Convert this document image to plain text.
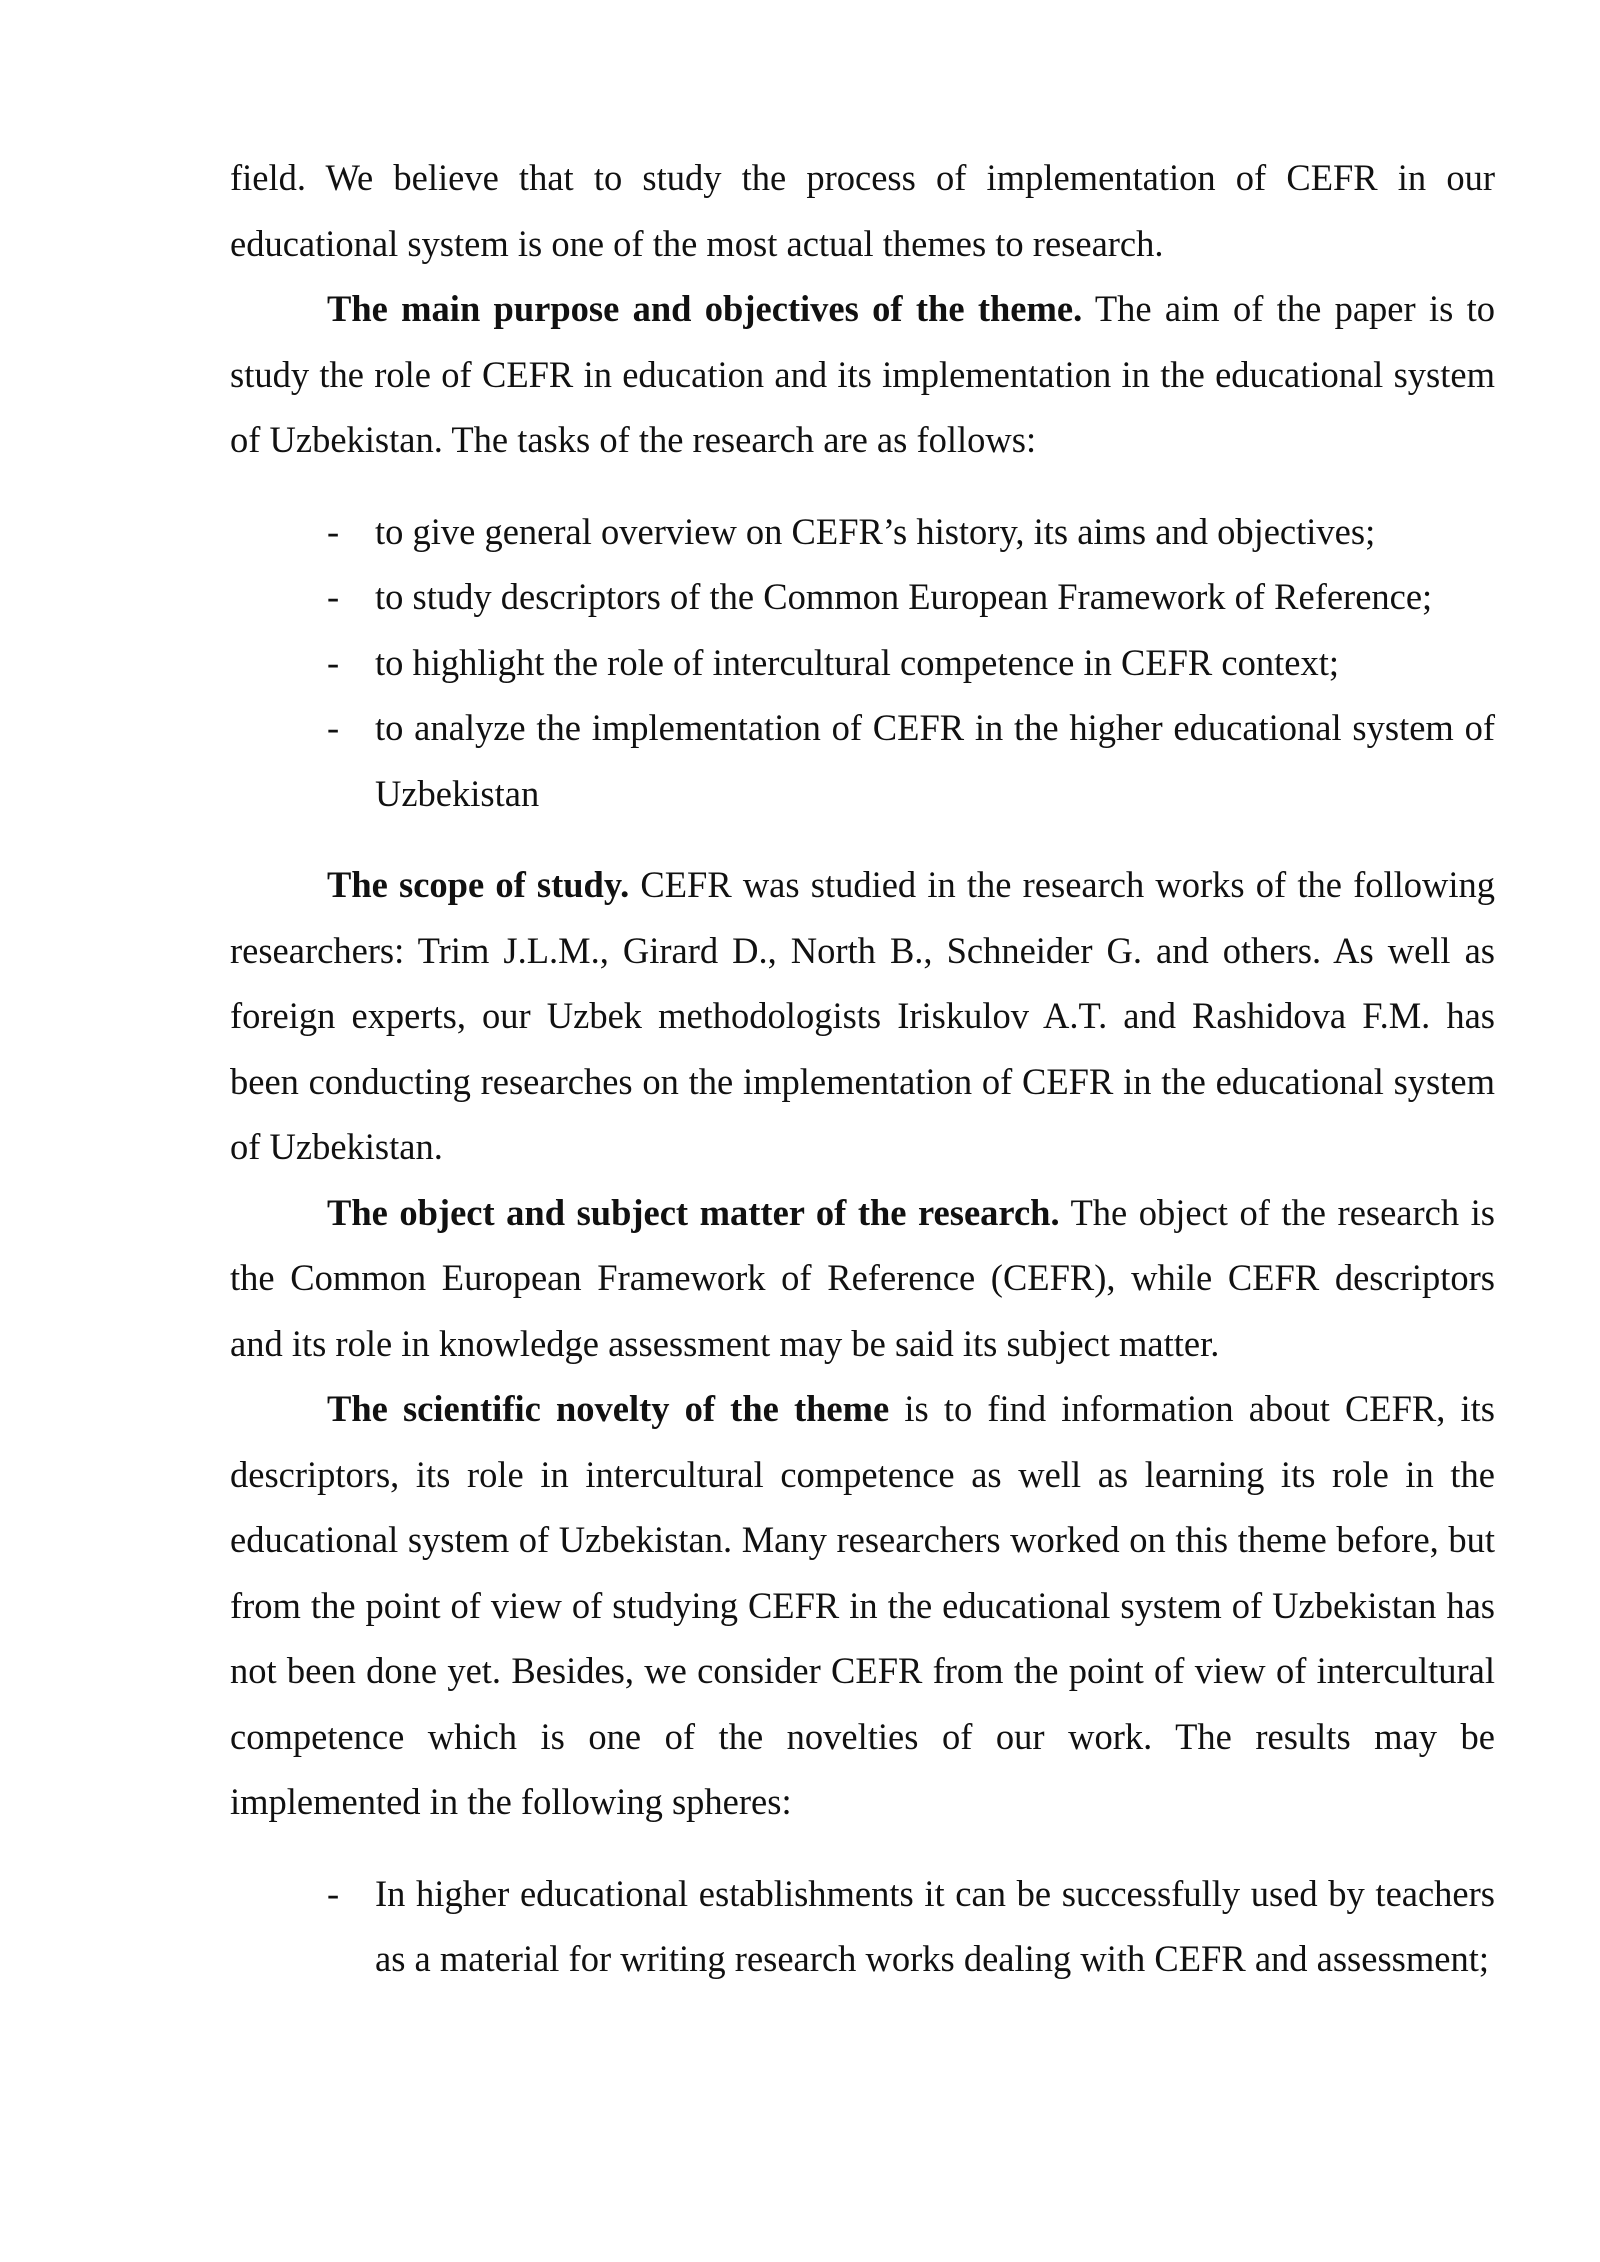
field. We believe that to study the process of implementation of CEFR in our educational system is one of the most actual themes to research.

The main purpose and objectives of the theme. The aim of the paper is to study the role of CEFR in education and its implementation in the educational system of Uzbekistan. The tasks of the research are as follows:

- to give general overview on CEFR’s history, its aims and objectives;
- to study descriptors of the Common European Framework of Reference;
- to highlight the role of intercultural competence in CEFR context;
- to analyze the implementation of CEFR in the higher educational system of Uzbekistan

The scope of study. CEFR was studied in the research works of the following researchers: Trim J.L.M., Girard D., North B., Schneider G. and others. As well as foreign experts, our Uzbek methodologists Iriskulov A.T. and Rashidova F.M. has been conducting researches on the implementation of CEFR in the educational system of Uzbekistan.

The object and subject matter of the research. The object of the research is the Common European Framework of Reference (CEFR), while CEFR descriptors and its role in knowledge assessment may be said its subject matter.

The scientific novelty of the theme is to find information about CEFR, its descriptors, its role in intercultural competence as well as learning its role in the educational system of Uzbekistan. Many researchers worked on this theme before, but from the point of view of studying CEFR in the educational system of Uzbekistan has not been done yet. Besides, we consider CEFR from the point of view of intercultural competence which is one of the novelties of our work. The results may be implemented in the following spheres:

- In higher educational establishments it can be successfully used by teachers as a material for writing research works dealing with CEFR and assessment;
